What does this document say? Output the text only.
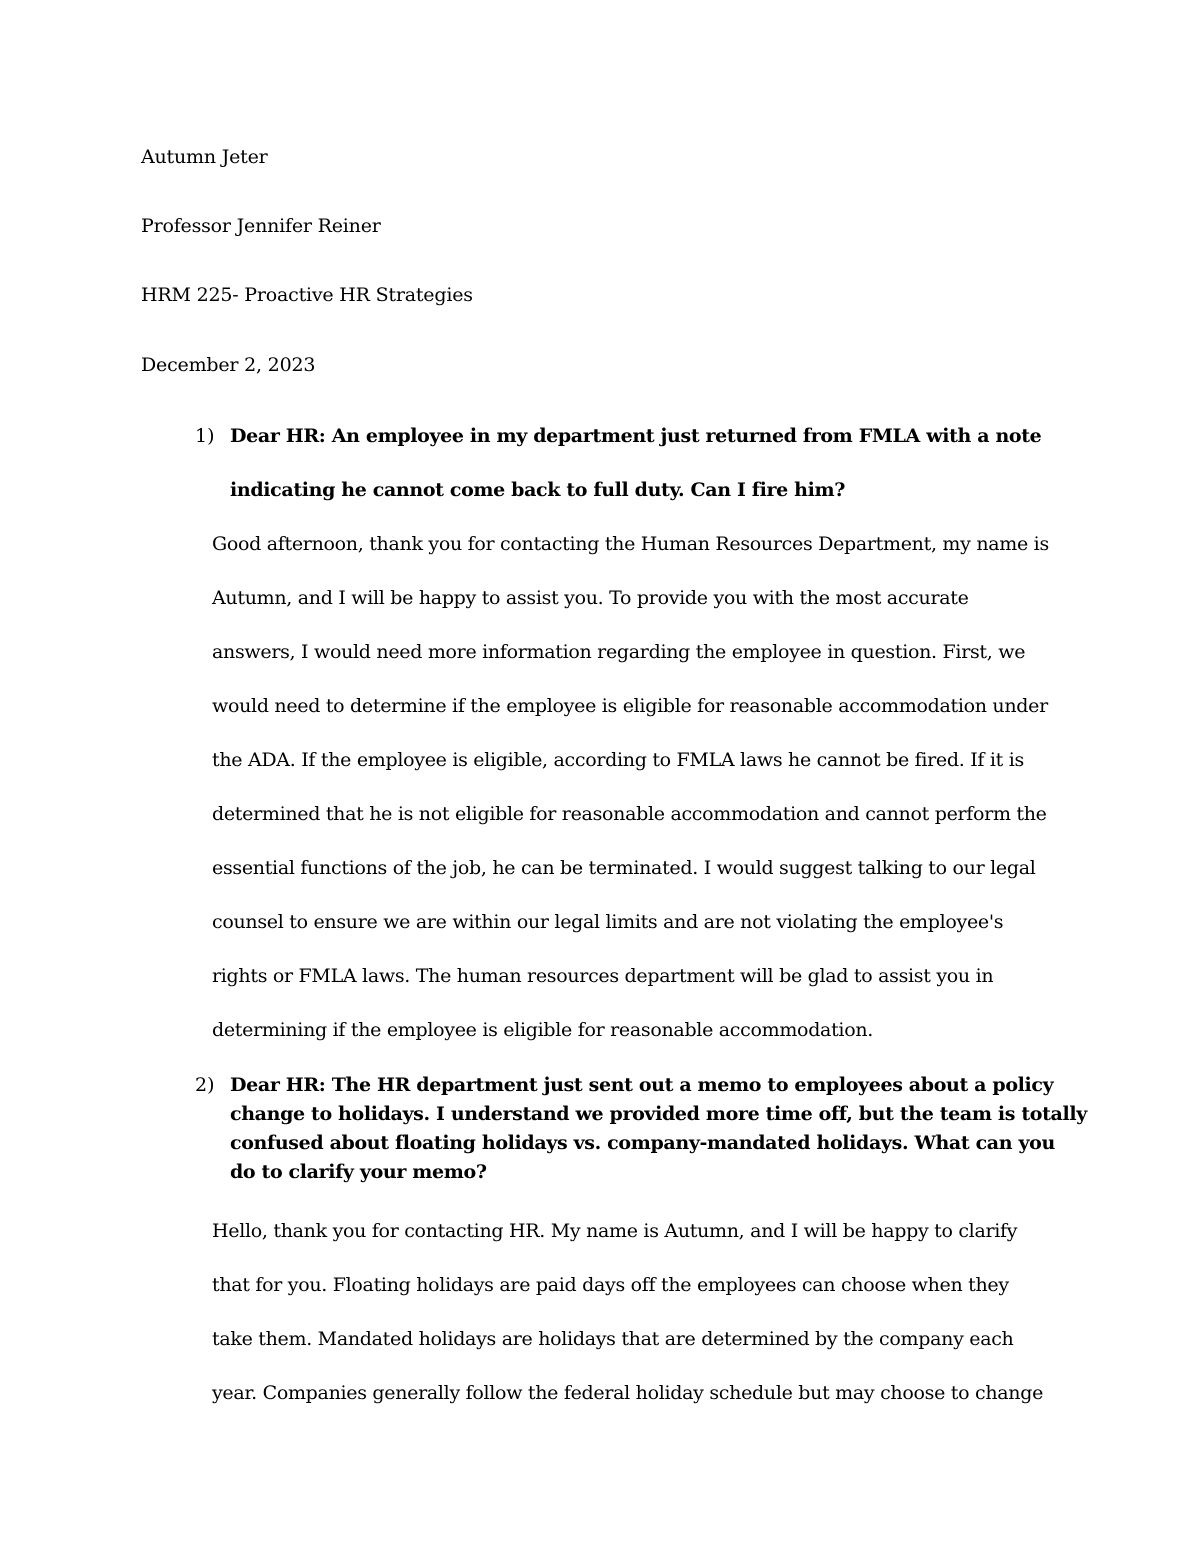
Autumn Jeter
Professor Jennifer Reiner
HRM 225- Proactive HR Strategies
December 2, 2023
1) Dear HR: An employee in my department just returned from FMLA with a note
indicating he cannot come back to full duty. Can I fire him?
Good afternoon, thank you for contacting the Human Resources Department, my name is
Autumn, and I will be happy to assist you. To provide you with the most accurate
answers, I would need more information regarding the employee in question. First, we
would need to determine if the employee is eligible for reasonable accommodation under
the ADA. If the employee is eligible, according to FMLA laws he cannot be fired. If it is
determined that he is not eligible for reasonable accommodation and cannot perform the
essential functions of the job, he can be terminated. I would suggest talking to our legal
counsel to ensure we are within our legal limits and are not violating the employee's
rights or FMLA laws. The human resources department will be glad to assist you in
determining if the employee is eligible for reasonable accommodation.
2) Dear HR: The HR department just sent out a memo to employees about a policy
change to holidays. I understand we provided more time off, but the team is totally
confused about floating holidays vs. company-mandated holidays. What can you
do to clarify your memo?
Hello, thank you for contacting HR. My name is Autumn, and I will be happy to clarify
that for you. Floating holidays are paid days off the employees can choose when they
take them. Mandated holidays are holidays that are determined by the company each
year. Companies generally follow the federal holiday schedule but may choose to change
